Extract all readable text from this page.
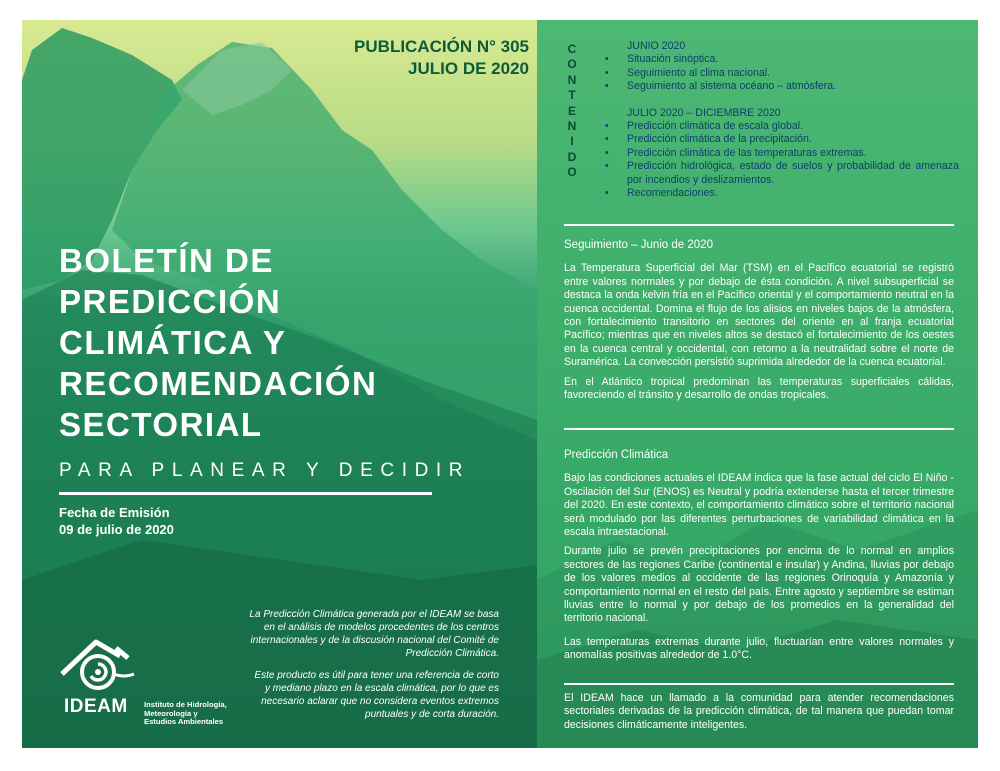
PUBLICACIÓN N° 305
JULIO DE 2020
BOLETÍN DE
PREDICCIÓN
CLIMÁTICA Y
RECOMENDACIÓN
SECTORIAL
PARA PLANEAR Y DECIDIR
Fecha de Emisión
09 de julio de 2020
IDEAM Instituto de Hidrología,
Meteorología y
Estudios Ambientales
La Predicción Climática generada por el IDEAM se basa en el análisis de modelos procedentes de los centros internacionales y de la discusión nacional del Comité de Predicción Climática.
Este producto es útil para tener una referencia de corto y mediano plazo en la escala climática, por lo que es necesario aclarar que no considera eventos extremos puntuales y de corta duración.
C
O
N
T
E
N
I
D
O
JUNIO 2020
• Situación sinóptica.
• Seguimiento al clima nacional.
• Seguimiento al sistema océano – atmósfera.
JULIO 2020 – DICIEMBRE 2020
• Predicción climática de escala global.
• Predicción climática de la precipitación.
• Predicción climática de las temperaturas extremas.
• Predicción hidrológica, estado de suelos y probabilidad de amenaza por incendios y deslizamientos.
• Recomendaciones.
Seguimiento – Junio de 2020

La Temperatura Superficial del Mar (TSM) en el Pacífico ecuatorial se registró entre valores normales y por debajo de ésta condición. A nivel subsuperficial se destaca la onda kelvin fría en el Pacífico oriental y el comportamiento neutral en la cuenca occidental. Domina el flujo de los alisios en niveles bajos de la atmósfera, con fortalecimiento transitorio en sectores del oriente en al franja ecuatorial Pacífico; mientras que en niveles altos se destacó el fortalecimiento de los oestes en la cuenca central y occidental, con retorno a la neutralidad sobre el norte de Suramérica. La convección persistió suprimida alrededor de la cuenca ecuatorial.

En el Atlántico tropical predominan las temperaturas superficiales cálidas, favoreciendo el tránsito y desarrollo de ondas tropicales.

Predicción Climática

Bajo las condiciones actuales el IDEAM indica que la fase actual del ciclo El Niño - Oscilación del Sur (ENOS) es Neutral y podría extenderse hasta el tercer trimestre del 2020. En este contexto, el comportamiento climático sobre el territorio nacional será modulado por las diferentes perturbaciones de variabilidad climática en la escala intraestacional.

Durante julio se prevén precipitaciones por encima de lo normal en amplios sectores de las regiones Caribe (continental e insular) y Andina, lluvias por debajo de los valores medios al occidente de las regiones Orinoquía y Amazonía y comportamiento normal en el resto del país. Entre agosto y septiembre se estiman lluvias entre lo normal y por debajo de los promedios en la generalidad del territorio nacional.

Las temperaturas extremas durante julio, fluctuarían entre valores normales y anomalías positivas alrededor de 1.0°C.

El IDEAM hace un llamado a la comunidad para atender recomendaciones sectoriales derivadas de la predicción climática, de tal manera que puedan tomar decisiones climáticamente inteligentes.
